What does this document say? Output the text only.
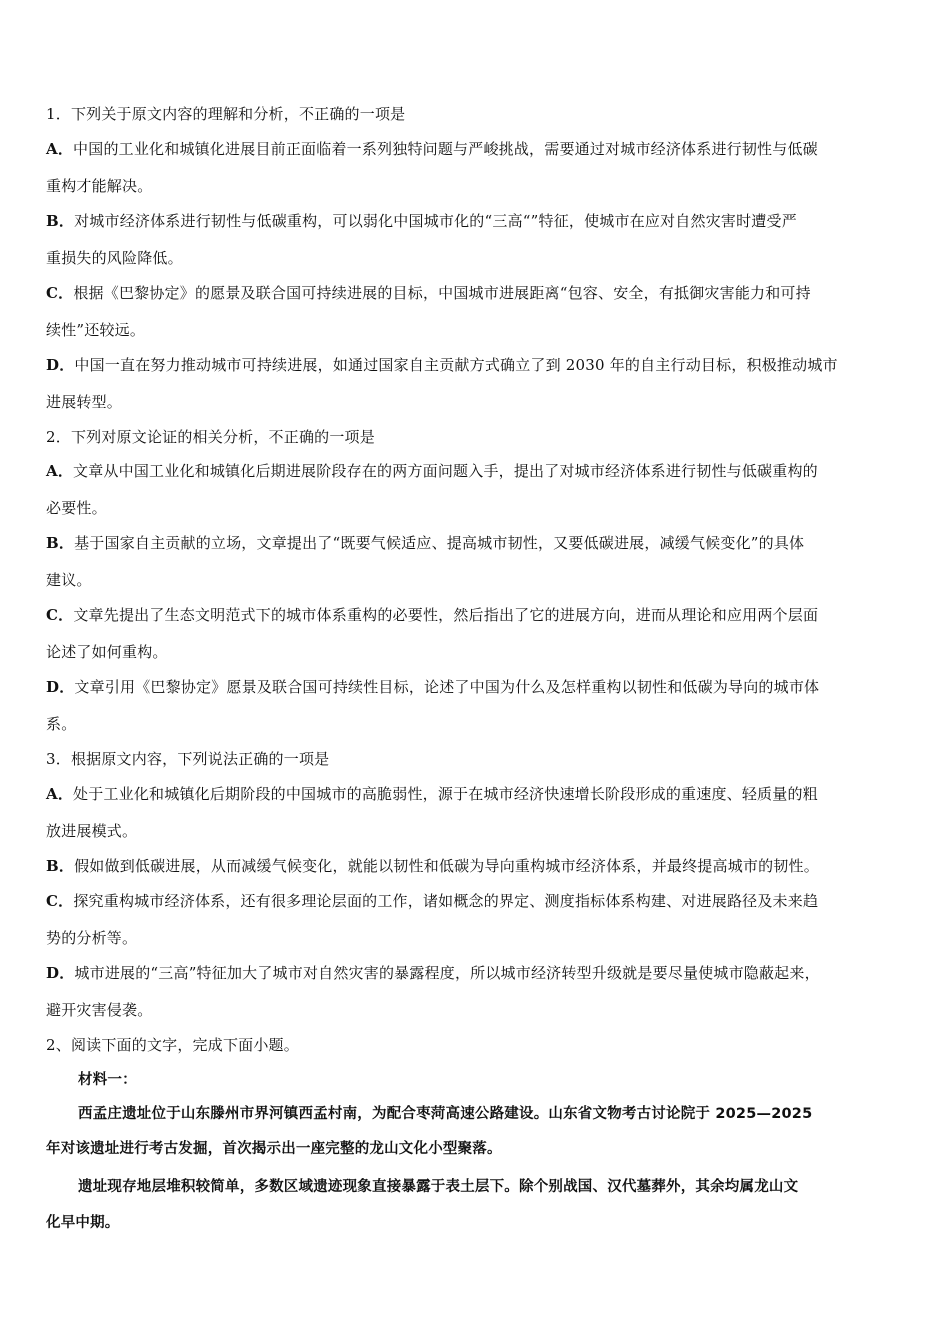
1．下列关于原文内容的理解和分析，不正确的一项是
A．中国的工业化和城镇化进展目前正面临着一系列独特问题与严峻挑战，需要通过对城市经济体系进行韧性与低碳
重构才能解决。
B．对城市经济体系进行韧性与低碳重构，可以弱化中国城市化的“三高“”特征，使城市在应对自然灾害时遭受严
重损失的风险降低。
C．根据《巴黎协定》的愿景及联合国可持续进展的目标，中国城市进展距离“包容、安全，有抵御灾害能力和可持
续性”还较远。
D．中国一直在努力推动城市可持续进展，如通过国家自主贡献方式确立了到 2030 年的自主行动目标，积极推动城市
进展转型。
2．下列对原文论证的相关分析，不正确的一项是
A．文章从中国工业化和城镇化后期进展阶段存在的两方面问题入手，提出了对城市经济体系进行韧性与低碳重构的
必要性。
B．基于国家自主贡献的立场，文章提出了“既要气候适应、提高城市韧性，又要低碳进展，减缓气候变化”的具体
建议。
C．文章先提出了生态文明范式下的城市体系重构的必要性，然后指出了它的进展方向，进而从理论和应用两个层面
论述了如何重构。
D．文章引用《巴黎协定》愿景及联合国可持续性目标，论述了中国为什么及怎样重构以韧性和低碳为导向的城市体
系。
3．根据原文内容，下列说法正确的一项是
A．处于工业化和城镇化后期阶段的中国城市的高脆弱性，源于在城市经济快速增长阶段形成的重速度、轻质量的粗
放进展模式。
B．假如做到低碳进展，从而减缓气候变化，就能以韧性和低碳为导向重构城市经济体系，并最终提高城市的韧性。
C．探究重构城市经济体系，还有很多理论层面的工作，诸如概念的界定、测度指标体系构建、对进展路径及未来趋
势的分析等。
D．城市进展的“三高”特征加大了城市对自然灾害的暴露程度，所以城市经济转型升级就是要尽量使城市隐蔽起来，
避开灾害侵袭。
2、阅读下面的文字，完成下面小题。
材料一：
西孟庄遗址位于山东滕州市界河镇西孟村南，为配合枣菏高速公路建设。山东省文物考古讨论院于 2025—2025
年对该遗址进行考古发掘，首次揭示出一座完整的龙山文化小型聚落。
遗址现存地层堆积较简单，多数区域遗迹现象直接暴露于表土层下。除个别战国、汉代墓葬外，其余均属龙山文
化早中期。
